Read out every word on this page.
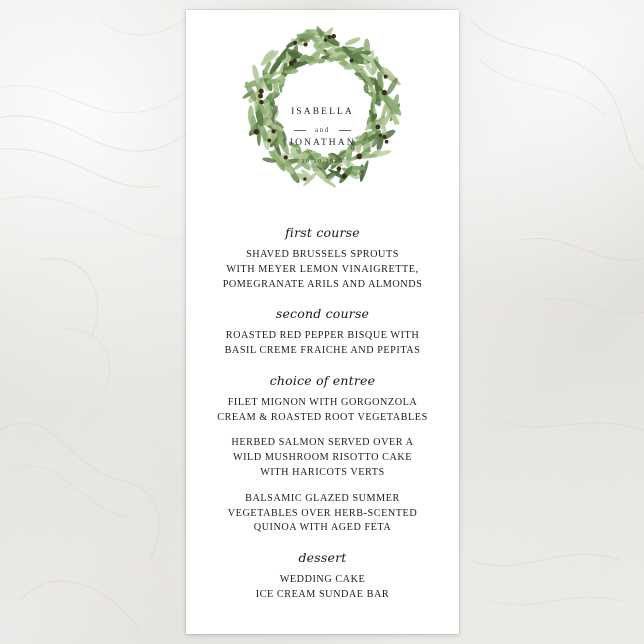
ISABELLA
and
JONATHAN
10.10.2020
first course
SHAVED BRUSSELS SPROUTS
WITH MEYER LEMON VINAIGRETTE,
POMEGRANATE ARILS AND ALMONDS
second course
ROASTED RED PEPPER BISQUE WITH
BASIL CREME FRAICHE AND PEPITAS
choice of entree
FILET MIGNON WITH GORGONZOLA
CREAM & ROASTED ROOT VEGETABLES
HERBED SALMON SERVED OVER A
WILD MUSHROOM RISOTTO CAKE
WITH HARICOTS VERTS
BALSAMIC GLAZED SUMMER
VEGETABLES OVER HERB-SCENTED
QUINOA WITH AGED FETA
dessert
WEDDING CAKE
ICE CREAM SUNDAE BAR
